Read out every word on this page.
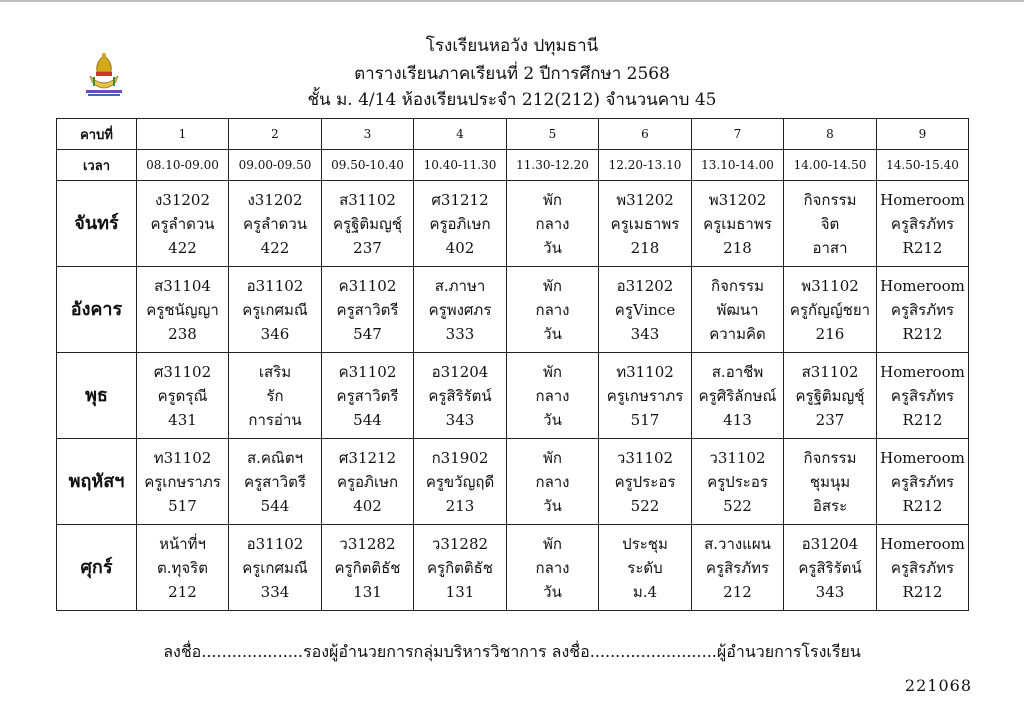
โรงเรียนหอวัง ปทุมธานี
ตารางเรียนภาคเรียนที่ 2 ปีการศึกษา 2568
ชั้น ม. 4/14 ห้องเรียนประจำ 212(212) จำนวนคาบ 45
คาบที่	1	2	3	4	5	6	7	8	9
เวลา	08.10-09.00	09.00-09.50	09.50-10.40	10.40-11.30	11.30-12.20	12.20-13.10	13.10-14.00	14.00-14.50	14.50-15.40
จันทร์	ง31202
ครูลำดวน
422	ง31202
ครูลำดวน
422	ส31102
ครูฐิติมญชุ์
237	ศ31212
ครูอภิเษก
402	พัก
กลาง
วัน	พ31202
ครูเมธาพร
218	พ31202
ครูเมธาพร
218	กิจกรรม
จิต
อาสา	Homeroom
ครูสิรภัทร
R212

อังคาร	ส31104
ครูชนัญญา
238	อ31102
ครูเกศมณี
346	ค31102
ครูสาวิตรี
547	ส.ภาษา
ครูพงศภร
333	พัก
กลาง
วัน	อ31202
ครูVince
343	กิจกรรม
พัฒนา
ความคิด	พ31102
ครูกัญญ์ชยา
216	Homeroom
ครูสิรภัทร
R212

พุธ	ศ31102
ครูดรุณี
431	เสริม
รัก
การอ่าน	ค31102
ครูสาวิตรี
544	อ31204
ครูสิริรัตน์
343	พัก
กลาง
วัน	ท31102
ครูเกษราภร
517	ส.อาชีพ
ครูศิริลักษณ์
413	ส31102
ครูฐิติมญชุ์
237	Homeroom
ครูสิรภัทร
R212

พฤหัสฯ	ท31102
ครูเกษราภร
517	ส.คณิตฯ
ครูสาวิตรี
544	ศ31212
ครูอภิเษก
402	ก31902
ครูขวัญฤดี
213	พัก
กลาง
วัน	ว31102
ครูประอร
522	ว31102
ครูประอร
522	กิจกรรม
ชุมนุม
อิสระ	Homeroom
ครูสิรภัทร
R212

ศุกร์	หน้าที่ฯ
ต.ทุจริต
212	อ31102
ครูเกศมณี
334	ว31282
ครูกิตติธัช
131	ว31282
ครูกิตติธัช
131	พัก
กลาง
วัน	ประชุม
ระดับ
ม.4	ส.วางแผน
ครูสิรภัทร
212	อ31204
ครูสิริรัตน์
343	Homeroom
ครูสิรภัทร
R212
ลงชื่อ....................รองผู้อำนวยการกลุ่มบริหารวิชาการ ลงชื่อ.........................ผู้อำนวยการโรงเรียน
221068
